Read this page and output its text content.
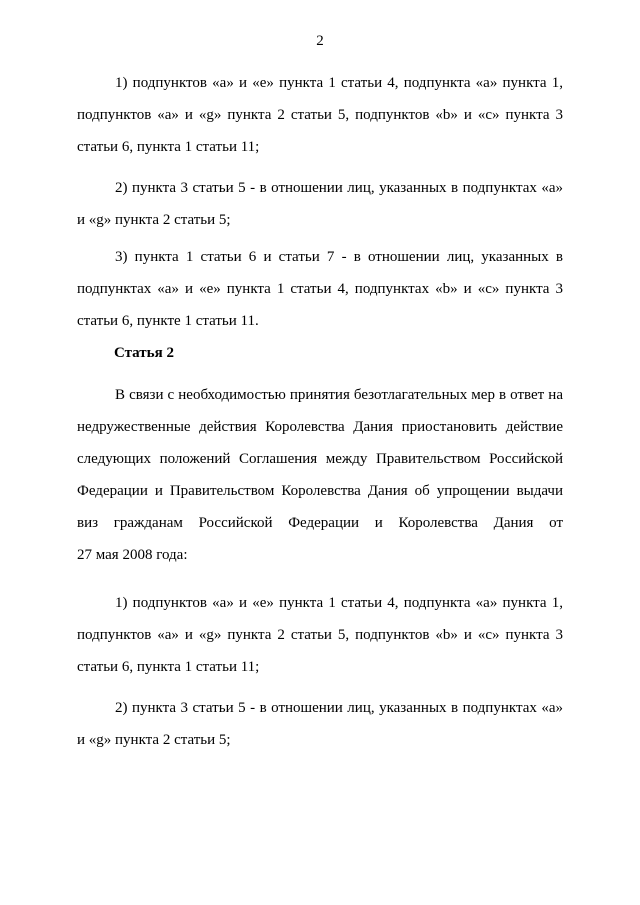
2
1) подпунктов «а» и «е» пункта 1 статьи 4, подпункта «а» пункта 1,
подпунктов «а» и «g» пункта 2 статьи 5, подпунктов «b» и «c» пункта 3
статьи 6, пункта 1 статьи 11;
2) пункта 3 статьи 5 - в отношении лиц, указанных в подпунктах «а»
и «g» пункта 2 статьи 5;
3) пункта 1 статьи 6 и статьи 7 - в отношении лиц, указанных в
подпунктах «а» и «е» пункта 1 статьи 4, подпунктах «b» и «c» пункта 3
статьи 6, пункте 1 статьи 11.
Статья 2
В связи с необходимостью принятия безотлагательных мер в ответ на
недружественные действия Королевства Дания приостановить действие
следующих положений Соглашения между Правительством Российской
Федерации и Правительством Королевства Дания об упрощении выдачи
виз гражданам Российской Федерации и Королевства Дания от
27 мая 2008 года:
1) подпунктов «а» и «е» пункта 1 статьи 4, подпункта «а» пункта 1,
подпунктов «а» и «g» пункта 2 статьи 5, подпунктов «b» и «c» пункта 3
статьи 6, пункта 1 статьи 11;
2) пункта 3 статьи 5 - в отношении лиц, указанных в подпунктах «а»
и «g» пункта 2 статьи 5;
